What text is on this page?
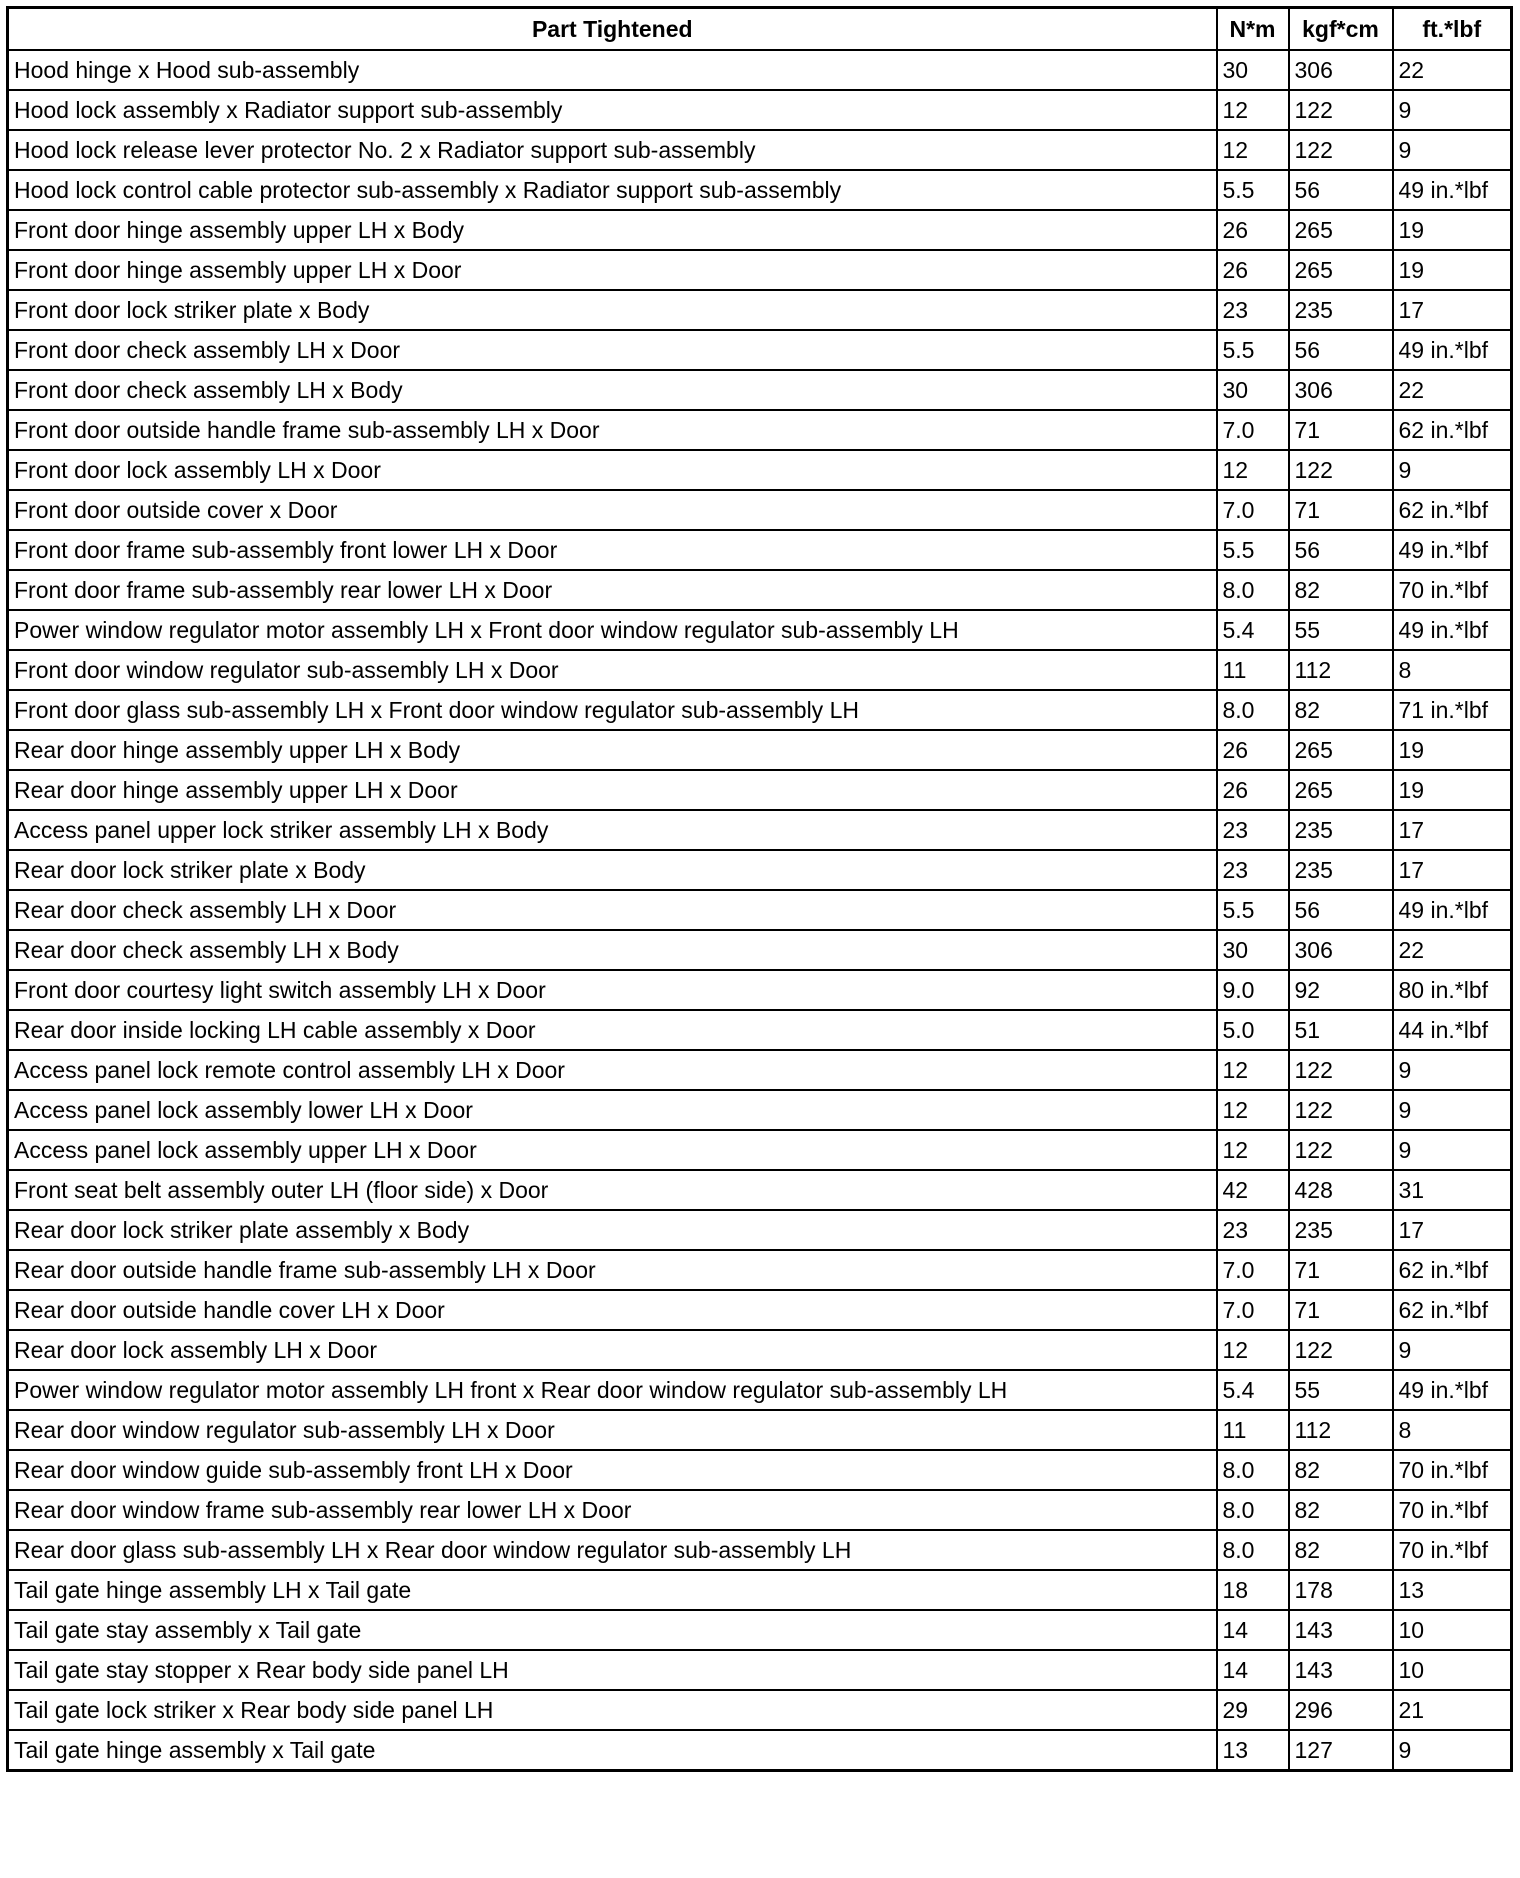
Part Tightened	N*m	kgf*cm	ft.*lbf
Hood hinge x Hood sub-assembly	30	306	22
Hood lock assembly x Radiator support sub-assembly	12	122	9
Hood lock release lever protector No. 2 x Radiator support sub-assembly	12	122	9
Hood lock control cable protector sub-assembly x Radiator support sub-assembly	5.5	56	49 in.*lbf
Front door hinge assembly upper LH x Body	26	265	19
Front door hinge assembly upper LH x Door	26	265	19
Front door lock striker plate x Body	23	235	17
Front door check assembly LH x Door	5.5	56	49 in.*lbf
Front door check assembly LH x Body	30	306	22
Front door outside handle frame sub-assembly LH x Door	7.0	71	62 in.*lbf
Front door lock assembly LH x Door	12	122	9
Front door outside cover x Door	7.0	71	62 in.*lbf
Front door frame sub-assembly front lower LH x Door	5.5	56	49 in.*lbf
Front door frame sub-assembly rear lower LH x Door	8.0	82	70 in.*lbf
Power window regulator motor assembly LH x Front door window regulator sub-assembly LH	5.4	55	49 in.*lbf
Front door window regulator sub-assembly LH x Door	11	112	8
Front door glass sub-assembly LH x Front door window regulator sub-assembly LH	8.0	82	71 in.*lbf
Rear door hinge assembly upper LH x Body	26	265	19
Rear door hinge assembly upper LH x Door	26	265	19
Access panel upper lock striker assembly LH x Body	23	235	17
Rear door lock striker plate x Body	23	235	17
Rear door check assembly LH x Door	5.5	56	49 in.*lbf
Rear door check assembly LH x Body	30	306	22
Front door courtesy light switch assembly LH x Door	9.0	92	80 in.*lbf
Rear door inside locking LH cable assembly x Door	5.0	51	44 in.*lbf
Access panel lock remote control assembly LH x Door	12	122	9
Access panel lock assembly lower LH x Door	12	122	9
Access panel lock assembly upper LH x Door	12	122	9
Front seat belt assembly outer LH (floor side) x Door	42	428	31
Rear door lock striker plate assembly x Body	23	235	17
Rear door outside handle frame sub-assembly LH x Door	7.0	71	62 in.*lbf
Rear door outside handle cover LH x Door	7.0	71	62 in.*lbf
Rear door lock assembly LH x Door	12	122	9
Power window regulator motor assembly LH front x Rear door window regulator sub-assembly LH	5.4	55	49 in.*lbf
Rear door window regulator sub-assembly LH x Door	11	112	8
Rear door window guide sub-assembly front LH x Door	8.0	82	70 in.*lbf
Rear door window frame sub-assembly rear lower LH x Door	8.0	82	70 in.*lbf
Rear door glass sub-assembly LH x Rear door window regulator sub-assembly LH	8.0	82	70 in.*lbf
Tail gate hinge assembly LH x Tail gate	18	178	13
Tail gate stay assembly x Tail gate	14	143	10
Tail gate stay stopper x Rear body side panel LH	14	143	10
Tail gate lock striker x Rear body side panel LH	29	296	21
Tail gate hinge assembly x Tail gate	13	127	9
